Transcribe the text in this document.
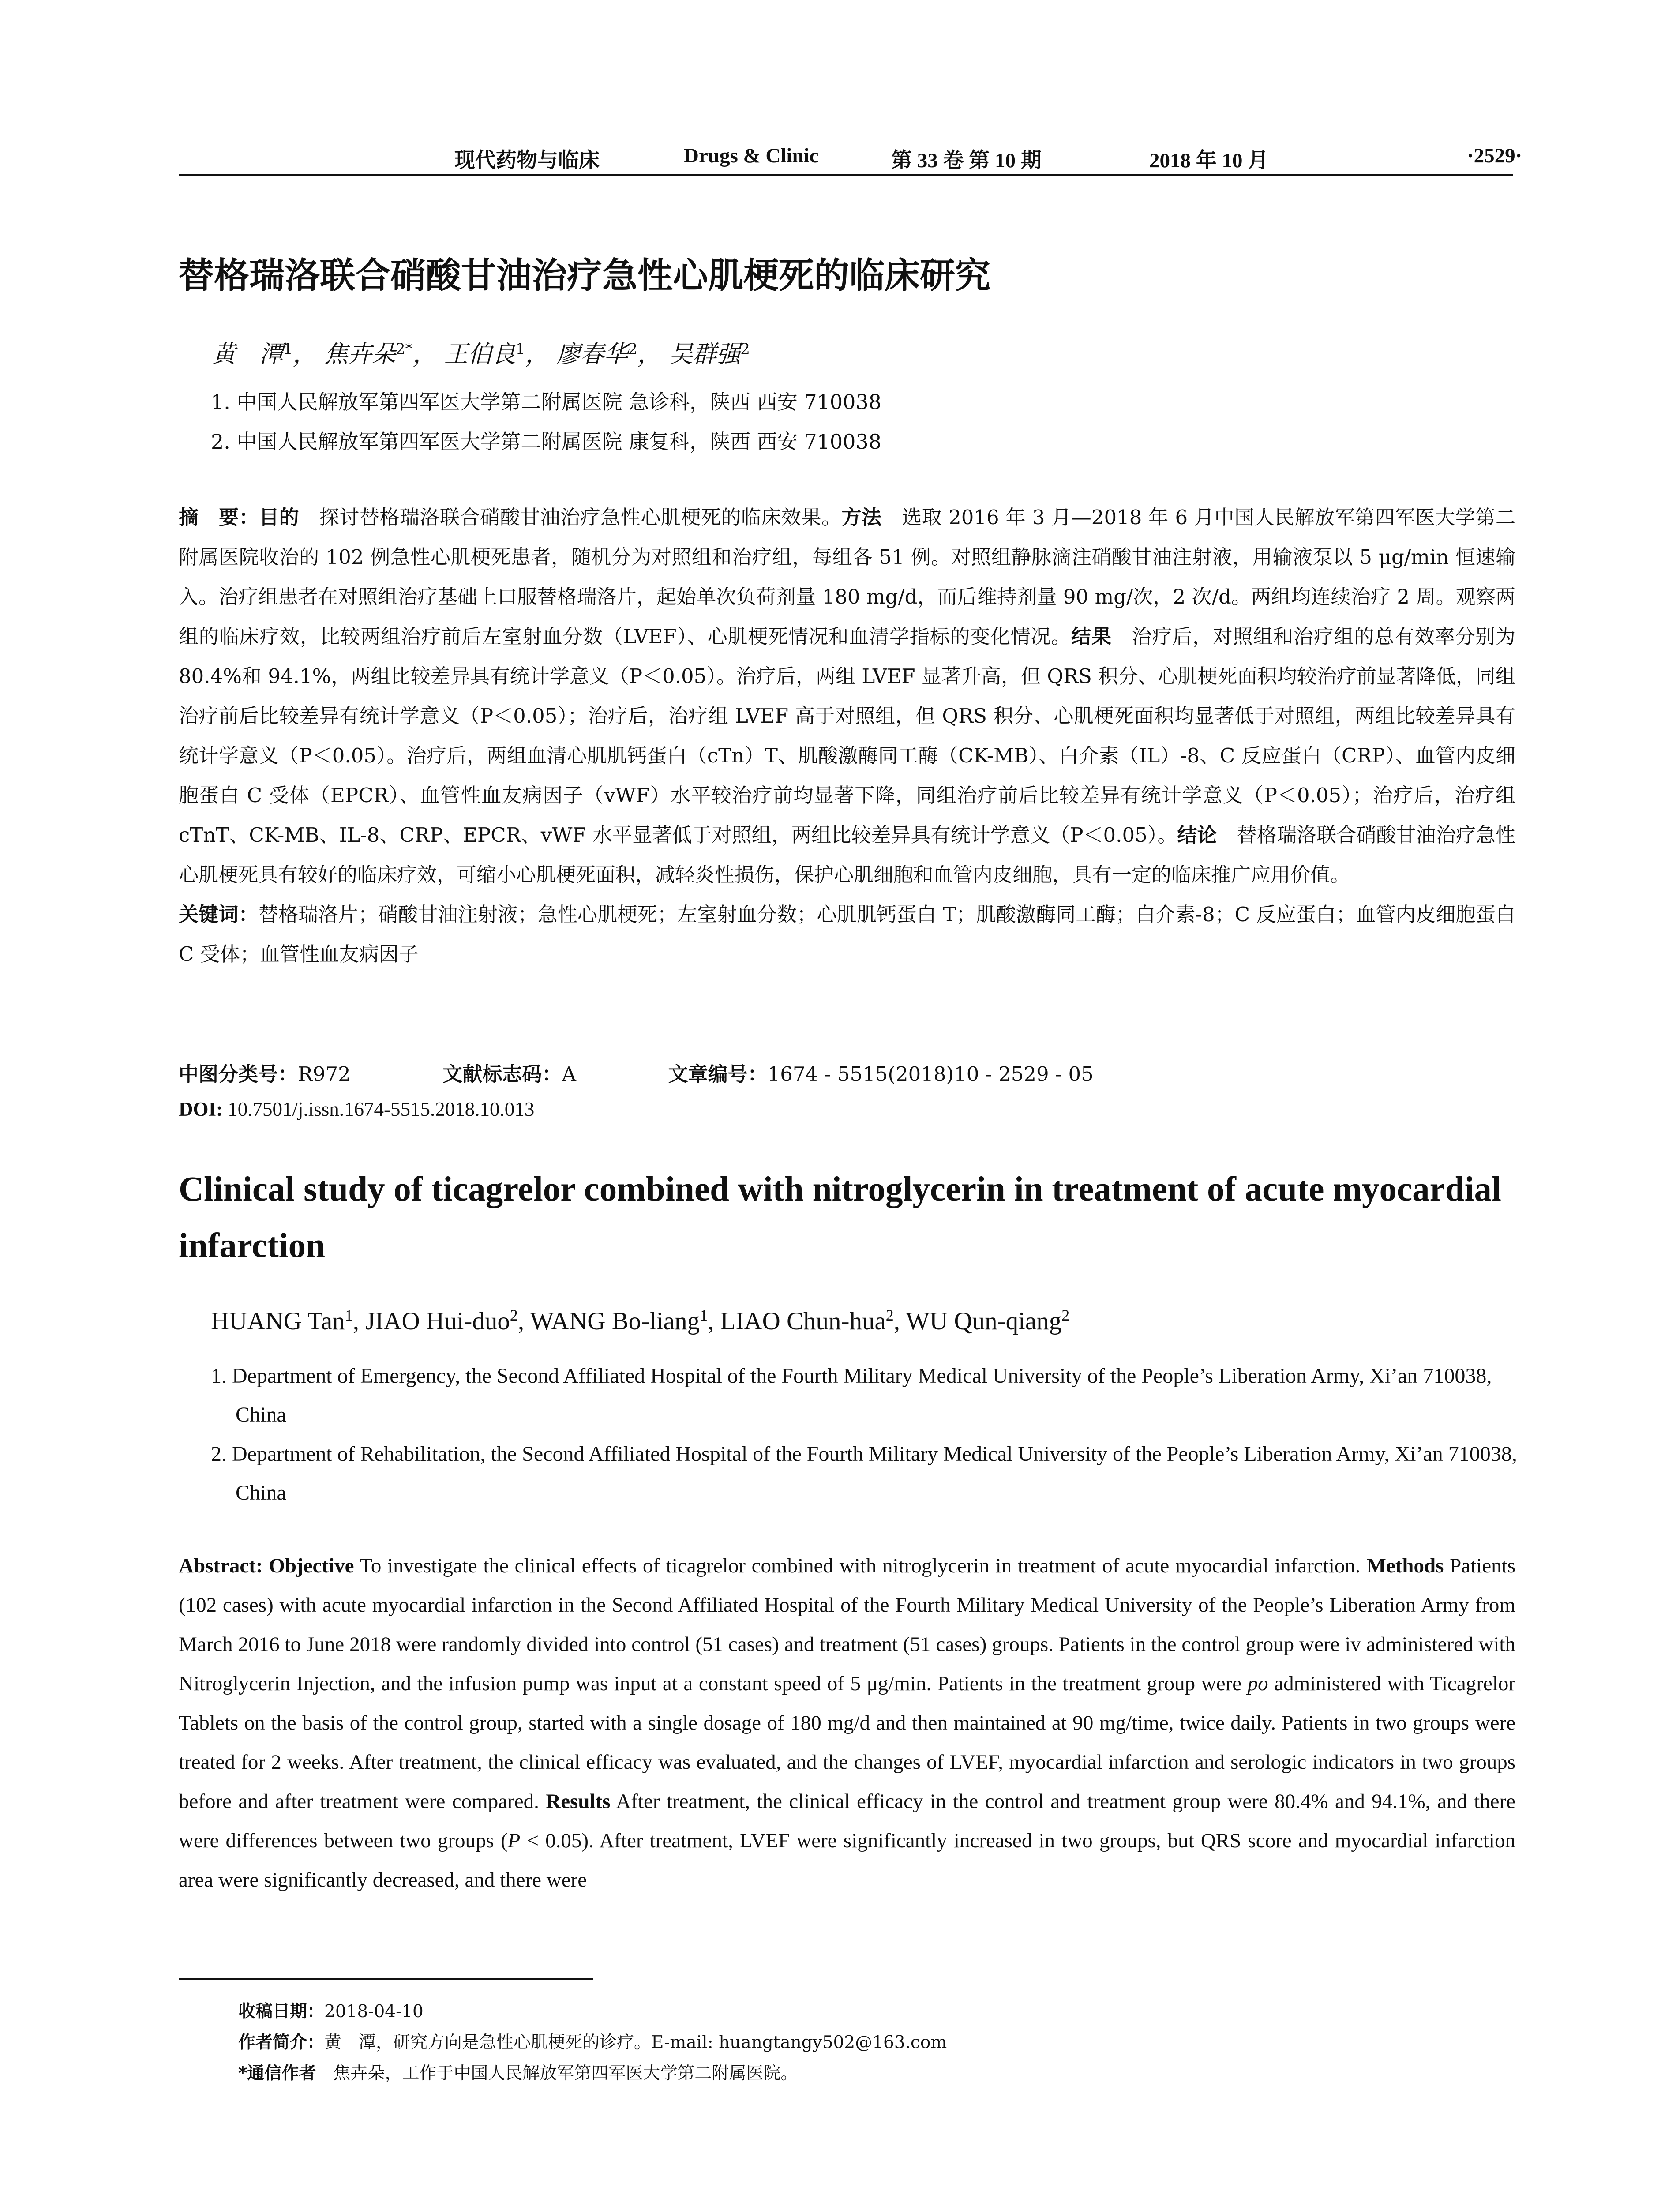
现代药物与临床	Drugs & Clinic	第 33 卷 第 10 期	2018 年 10 月	·2529·
替格瑞洛联合硝酸甘油治疗急性心肌梗死的临床研究
黄　潭$^1$， 焦卉朵$^{2*}$， 王伯良$^1$， 廖春华$^2$， 吴群强$^2$
1. 中国人民解放军第四军医大学第二附属医院 急诊科，陕西 西安 710038
2. 中国人民解放军第四军医大学第二附属医院 康复科，陕西 西安 710038
摘　要：目的　探讨替格瑞洛联合硝酸甘油治疗急性心肌梗死的临床效果。方法　选取 2016 年 3 月—2018 年 6 月中国人民解放军第四军医大学第二附属医院收治的 102 例急性心肌梗死患者，随机分为对照组和治疗组，每组各 51 例。对照组静脉滴注硝酸甘油注射液，用输液泵以 5 μg/min 恒速输入。治疗组患者在对照组治疗基础上口服替格瑞洛片，起始单次负荷剂量 180 mg/d，而后维持剂量 90 mg/次，2 次/d。两组均连续治疗 2 周。观察两组的临床疗效，比较两组治疗前后左室射血分数（LVEF）、心肌梗死情况和血清学指标的变化情况。结果　治疗后，对照组和治疗组的总有效率分别为 80.4%和 94.1%，两组比较差异具有统计学意义（P＜0.05）。治疗后，两组 LVEF 显著升高，但 QRS 积分、心肌梗死面积均较治疗前显著降低，同组治疗前后比较差异有统计学意义（P＜0.05）；治疗后，治疗组 LVEF 高于对照组，但 QRS 积分、心肌梗死面积均显著低于对照组，两组比较差异具有统计学意义（P＜0.05）。治疗后，两组血清心肌肌钙蛋白（cTn）T、肌酸激酶同工酶（CK-MB）、白介素（IL）-8、C 反应蛋白（CRP）、血管内皮细胞蛋白 C 受体（EPCR）、血管性血友病因子（vWF）水平较治疗前均显著下降，同组治疗前后比较差异有统计学意义（P＜0.05）；治疗后，治疗组 cTnT、CK-MB、IL-8、CRP、EPCR、vWF 水平显著低于对照组，两组比较差异具有统计学意义（P＜0.05）。结论　替格瑞洛联合硝酸甘油治疗急性心肌梗死具有较好的临床疗效，可缩小心肌梗死面积，减轻炎性损伤，保护心肌细胞和血管内皮细胞，具有一定的临床推广应用价值。
关键词：替格瑞洛片；硝酸甘油注射液；急性心肌梗死；左室射血分数；心肌肌钙蛋白 T；肌酸激酶同工酶；白介素-8；C 反应蛋白；血管内皮细胞蛋白 C 受体；血管性血友病因子
中图分类号：R972	文献标志码：A	文章编号：1674 - 5515(2018)10 - 2529 - 05
DOI: 10.7501/j.issn.1674-5515.2018.10.013
Clinical study of ticagrelor combined with nitroglycerin in treatment of acute myocardial infarction
HUANG Tan$^1$, JIAO Hui-duo$^2$, WANG Bo-liang$^1$, LIAO Chun-hua$^2$, WU Qun-qiang$^2$
1. Department of Emergency, the Second Affiliated Hospital of the Fourth Military Medical University of the People’s Liberation Army, Xi’an 710038, China
2. Department of Rehabilitation, the Second Affiliated Hospital of the Fourth Military Medical University of the People’s Liberation Army, Xi’an 710038, China
Abstract: Objective To investigate the clinical effects of ticagrelor combined with nitroglycerin in treatment of acute myocardial infarction. Methods Patients (102 cases) with acute myocardial infarction in the Second Affiliated Hospital of the Fourth Military Medical University of the People’s Liberation Army from March 2016 to June 2018 were randomly divided into control (51 cases) and treatment (51 cases) groups. Patients in the control group were iv administered with Nitroglycerin Injection, and the infusion pump was input at a constant speed of 5 μg/min. Patients in the treatment group were po administered with Ticagrelor Tablets on the basis of the control group, started with a single dosage of 180 mg/d and then maintained at 90 mg/time, twice daily. Patients in two groups were treated for 2 weeks. After treatment, the clinical efficacy was evaluated, and the changes of LVEF, myocardial infarction and serologic indicators in two groups before and after treatment were compared. Results After treatment, the clinical efficacy in the control and treatment group were 80.4% and 94.1%, and there were differences between two groups (P < 0.05). After treatment, LVEF were significantly increased in two groups, but QRS score and myocardial infarction area were significantly decreased, and there were
收稿日期：2018-04-10
作者简介：黄　潭，研究方向是急性心肌梗死的诊疗。E-mail: huangtangy502@163.com
*通信作者　焦卉朵，工作于中国人民解放军第四军医大学第二附属医院。
